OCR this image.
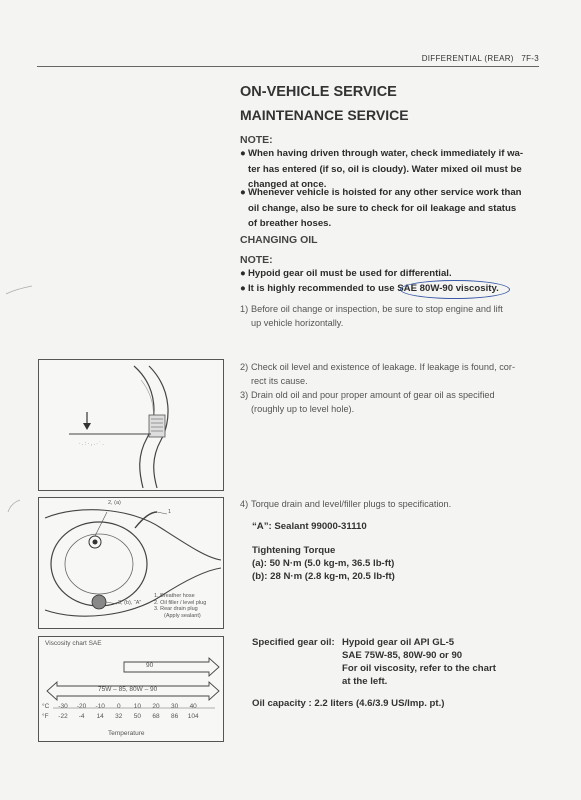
DIFFERENTIAL (REAR) 7F-3
ON-VEHICLE SERVICE
MAINTENANCE SERVICE
NOTE:
● When having driven through water, check immediately if wa-
ter has entered (if so, oil is cloudy). Water mixed oil must be
changed at once.
● Whenever vehicle is hoisted for any other service work than
oil change, also be sure to check for oil leakage and status
of breather hoses.
CHANGING OIL
NOTE:
● Hypoid gear oil must be used for differential.
● It is highly recommended to use SAE 80W-90 viscosity.
1) Before oil change or inspection, be sure to stop engine and lift
up vehicle horizontally.
· . : · , . · ˙ .
2) Check oil level and existence of leakage. If leakage is found, cor-
rect its cause.
3) Drain old oil and pour proper amount of gear oil as specified
(roughly up to level hole).
2, (a)
1
3, (b), “A”
1. Breather hose
2. Oil filler / level plug
3. Rear drain plug
(Apply sealant)
4) Torque drain and level/filler plugs to specification.
“A”: Sealant 99000-31110
Tightening Torque
(a): 50 N·m (5.0 kg-m, 36.5 lb-ft)
(b): 28 N·m (2.8 kg-m, 20.5 lb-ft)
Viscosity chart SAE
90
75W – 85, 80W – 90
°C
°F
-30	-20	-10	0	10	20	30	40
-22	-4	14	32	50	68	86	104
Temperature
Specified gear oil: Hypoid gear oil API GL-5
SAE 75W-85, 80W-90 or 90
For oil viscosity, refer to the chart
at the left.
Oil capacity : 2.2 liters (4.6/3.9 US/Imp. pt.)
